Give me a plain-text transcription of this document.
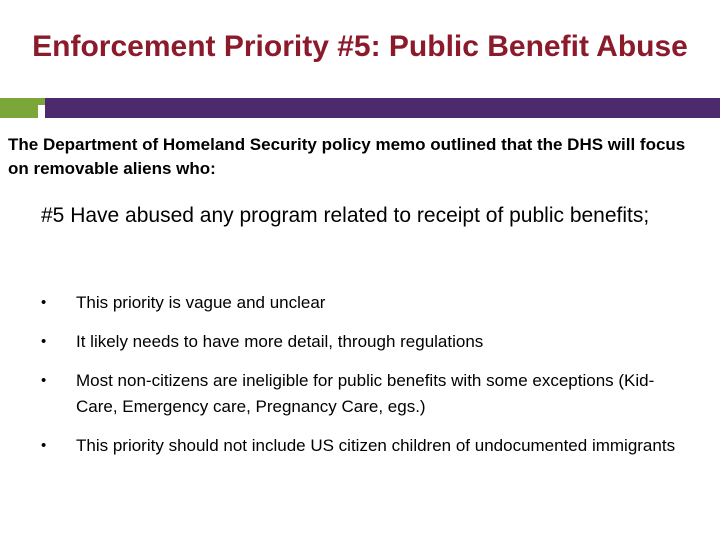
Enforcement Priority #5: Public Benefit Abuse
The Department of Homeland Security policy memo outlined that the DHS will focus on removable aliens who:
#5 Have abused any program related to receipt of public benefits;
• This priority is vague and unclear
• It likely needs to have more detail, through regulations
• Most non-citizens are ineligible for public benefits with some exceptions (Kid-Care, Emergency care, Pregnancy Care, egs.)
• This priority should not include US citizen children of undocumented immigrants
